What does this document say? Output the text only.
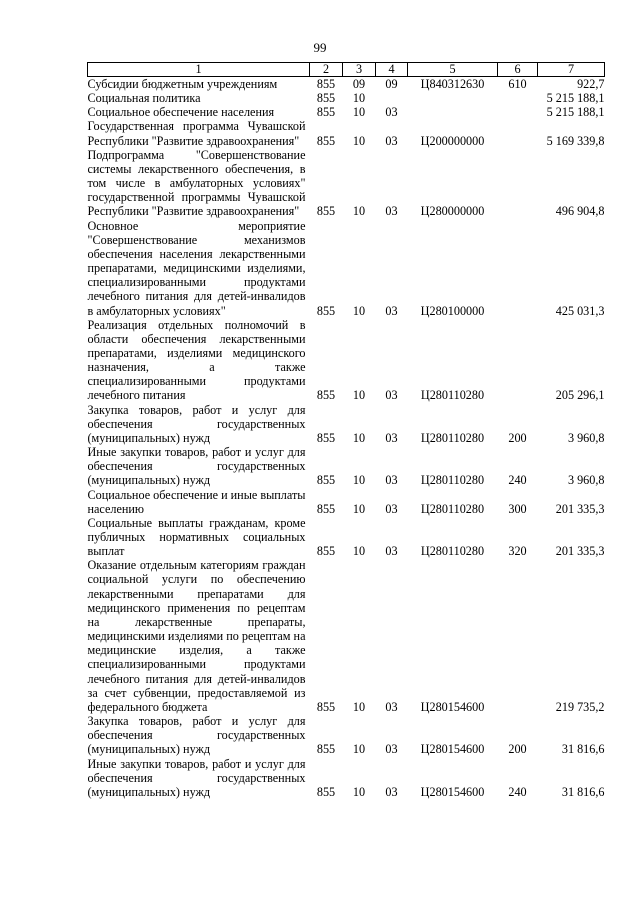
99
1	2	3	4	5	6	7
Субсидии бюджетным учреждениям	855	09	09	Ц840312630	610	922,7
Социальная политика	855	10				5 215 188,1
Социальное обеспечение населения	855	10	03			5 215 188,1
Государственная программа Чувашской Республики "Развитие здравоохранения"	855	10	03	Ц200000000		5 169 339,8
Подпрограмма "Совершенствование системы лекарственного обеспечения, в том числе в амбулаторных условиях" государственной программы Чувашской Республики "Развитие здравоохранения"	855	10	03	Ц280000000		496 904,8
Основное мероприятие "Совершенствование механизмов обеспечения населения лекарственными препаратами, медицинскими изделиями, специализированными продуктами лечебного питания для детей-инвалидов в амбулаторных условиях"	855	10	03	Ц280100000		425 031,3
Реализация отдельных полномочий в области обеспечения лекарственными препаратами, изделиями медицинского назначения, а также специализированными продуктами лечебного питания	855	10	03	Ц280110280		205 296,1
Закупка товаров, работ и услуг для обеспечения государственных (муниципальных) нужд	855	10	03	Ц280110280	200	3 960,8
Иные закупки товаров, работ и услуг для обеспечения государственных (муниципальных) нужд	855	10	03	Ц280110280	240	3 960,8
Социальное обеспечение и иные выплаты населению	855	10	03	Ц280110280	300	201 335,3
Социальные выплаты гражданам, кроме публичных нормативных социальных выплат	855	10	03	Ц280110280	320	201 335,3
Оказание отдельным категориям граждан социальной услуги по обеспечению лекарственными препаратами для медицинского применения по рецептам на лекарственные препараты, медицинскими изделиями по рецептам на медицинские изделия, а также специализированными продуктами лечебного питания для детей-инвалидов за счет субвенции, предоставляемой из федерального бюджета	855	10	03	Ц280154600		219 735,2
Закупка товаров, работ и услуг для обеспечения государственных (муниципальных) нужд	855	10	03	Ц280154600	200	31 816,6
Иные закупки товаров, работ и услуг для обеспечения государственных (муниципальных) нужд	855	10	03	Ц280154600	240	31 816,6
